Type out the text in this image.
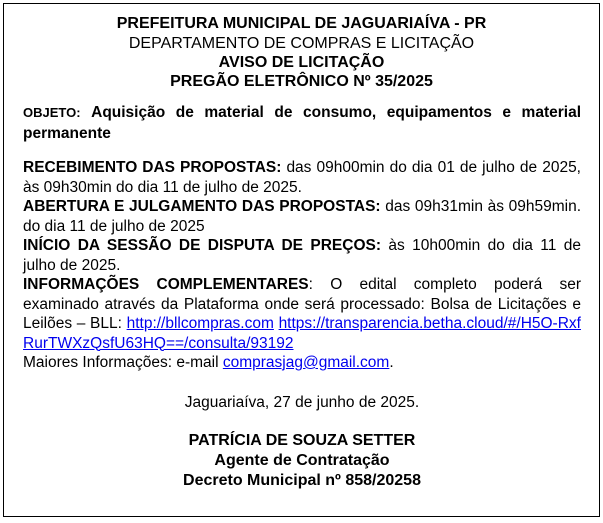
PREFEITURA MUNICIPAL DE JAGUARIAÍVA - PR
DEPARTAMENTO DE COMPRAS E LICITAÇÃO
AVISO DE LICITAÇÃO
PREGÃO ELETRÔNICO Nº 35/2025
OBJETO: Aquisição de material de consumo, equipamentos e material permanente
RECEBIMENTO DAS PROPOSTAS: das 09h00min do dia 01 de julho de 2025, às 09h30min do dia 11 de julho de 2025.
ABERTURA E JULGAMENTO DAS PROPOSTAS: das 09h31min às 09h59min. do dia 11 de julho de 2025
INÍCIO DA SESSÃO DE DISPUTA DE PREÇOS: às 10h00min do dia 11 de julho de 2025.
INFORMAÇÕES COMPLEMENTARES: O edital completo poderá ser examinado através da Plataforma onde será processado: Bolsa de Licitações e Leilões – BLL: http://bllcompras.com https://transparencia.betha.cloud/#/H5O-RxfRurTWXzQsfU63HQ==/consulta/93192
Maiores Informações: e-mail comprasjag@gmail.com.
Jaguariaíva, 27 de junho de 2025.
PATRÍCIA DE SOUZA SETTER
Agente de Contratação
Decreto Municipal nº 858/20258
